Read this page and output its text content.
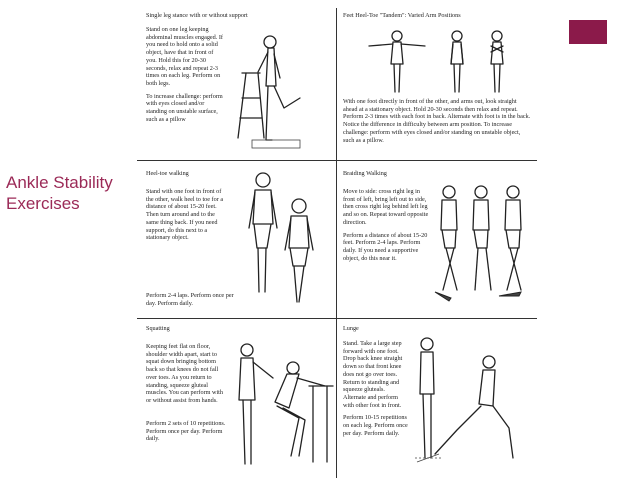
Ankle Stability Exercises
Single leg stance with or without support

Stand on one leg keeping abdominal muscles engaged. If you need to hold onto a solid object, have that in front of you. Hold this for 20-30 seconds, relax and repeat 2-3 times on each leg. Perform on both legs.

To increase challenge: perform with eyes closed and/or standing on unstable surface, such as a pillow

Feet Heel-Toe "Tandem": Varied Arm Positions

With one foot directly in front of the other, and arms out, look straight ahead at a stationary object. Hold 20-30 seconds then relax and repeat. Perform 2-3 times with each foot in back. Alternate with foot is in the back. Notice the difference in difficulty between arm position. To increase challenge: perform with eyes closed and/or standing on unstable object, such as a pillow.

Heel-toe walking

Stand with one foot in front of the other, walk heel to toe for a distance of about 15-20 feet. Then turn around and to the same thing back. If you need support, do this next to a stationary object.

Perform 2-4 laps. Perform once per day. Perform daily.

Braiding Walking

Move to side: cross right leg in front of left, bring left out to side, then cross right leg behind left leg and so on. Repeat toward opposite direction.

Perform a distance of about 15-20 feet. Perform 2-4 laps. Perform daily. If you need a supportive object, do this near it.

Squatting

Keeping feet flat on floor, shoulder width apart, start to squat down bringing bottom back so that knees do not fall over toes. As you return to standing, squeeze gluteal muscles. You can perform with or without assist from hands.

Perform 2 sets of 10 repetitions. Perform once per day. Perform daily.

Lunge

Stand. Take a large step forward with one foot. Drop back knee straight down so that front knee does not go over toes. Return to standing and squeeze gluteals. Alternate and perform with other foot in front.

Perform 10-15 repetitions on each leg. Perform once per day. Perform daily.
